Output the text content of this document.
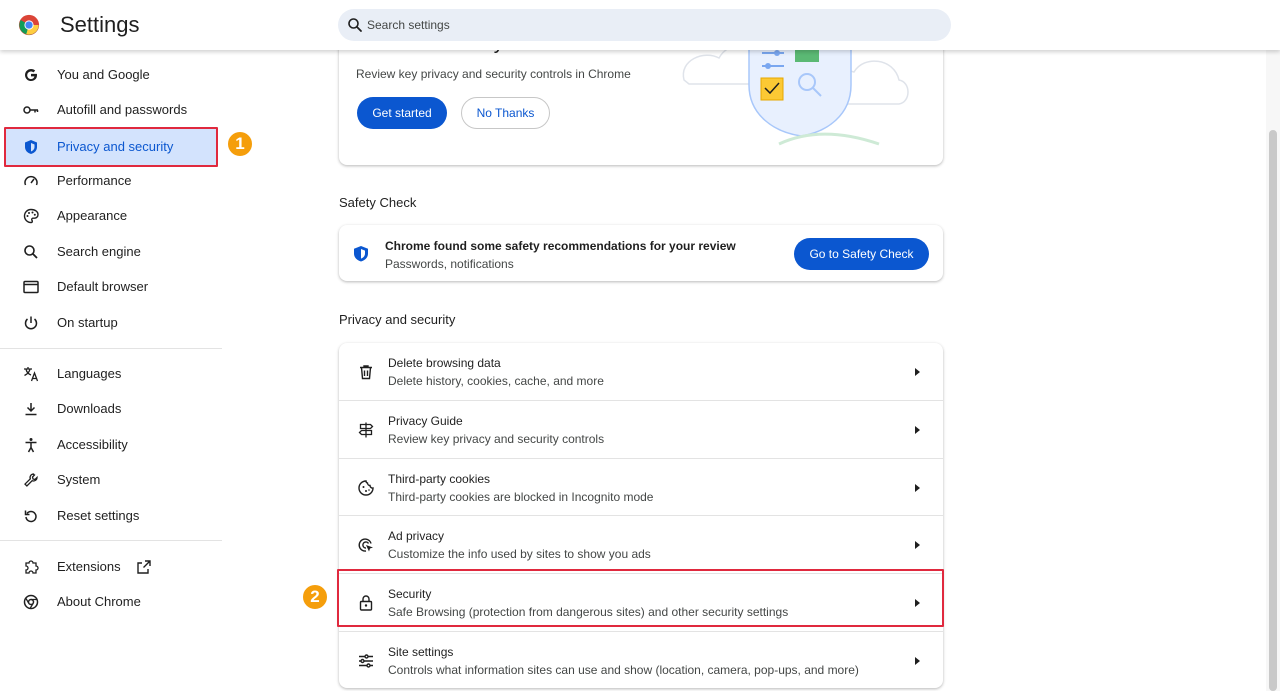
Settings
Search settings
You and Google
Autofill and passwords
Privacy and security
Performance
Appearance
Search engine
Default browser
On startup
Languages
Downloads
Accessibility
System
Reset settings
Extensions
About Chrome
1
2
Review key privacy and security controls in Chrome
Get started	No Thanks
Safety Check
Chrome found some safety recommendations for your review
Passwords, notifications
Go to Safety Check
Privacy and security
Delete browsing data
Delete history, cookies, cache, and more
Privacy Guide
Review key privacy and security controls
Third-party cookies
Third-party cookies are blocked in Incognito mode
Ad privacy
Customize the info used by sites to show you ads
Security
Safe Browsing (protection from dangerous sites) and other security settings
Site settings
Controls what information sites can use and show (location, camera, pop-ups, and more)
